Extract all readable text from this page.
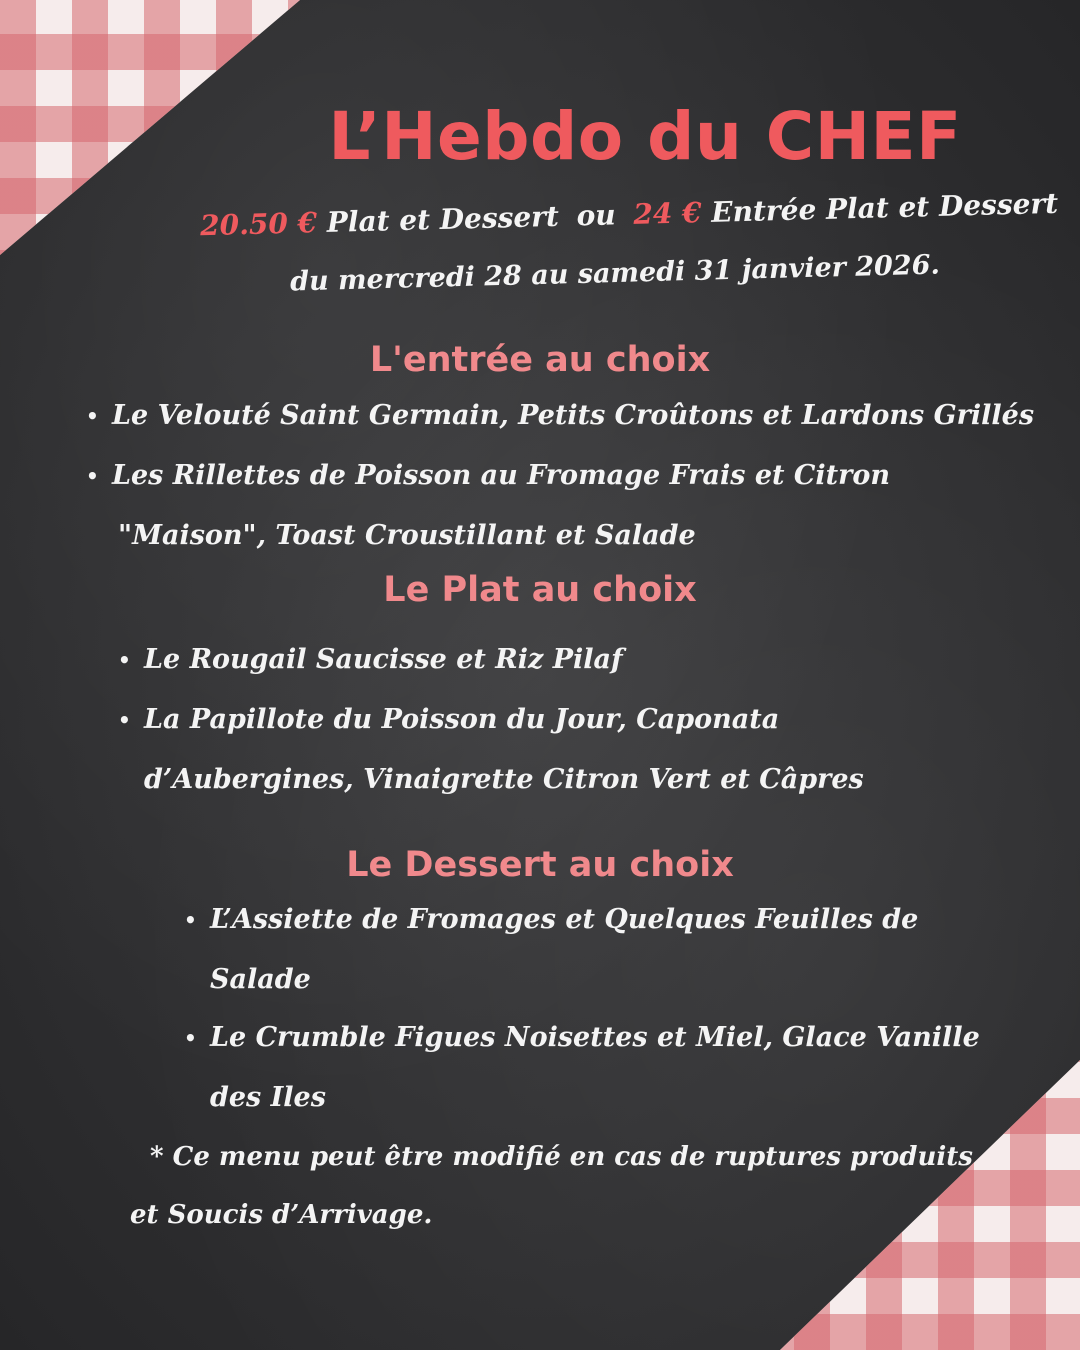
L’Hebdo du CHEF
20.50 € Plat et Dessert ou 24 € Entrée Plat et Dessert
du mercredi 28 au samedi 31 janvier 2026.
L'entrée au choix
• Le Velouté Saint Germain, Petits Croûtons et Lardons Grillés
• Les Rillettes de Poisson au Fromage Frais et Citron
"Maison", Toast Croustillant et Salade
Le Plat au choix
• Le Rougail Saucisse et Riz Pilaf
• La Papillote du Poisson du Jour, Caponata
d’Aubergines, Vinaigrette Citron Vert et Câpres
Le Dessert au choix
• L’Assiette de Fromages et Quelques Feuilles de
Salade
• Le Crumble Figues Noisettes et Miel, Glace Vanille
des Iles
* Ce menu peut être modifié en cas de ruptures produits
et Soucis d’Arrivage.
